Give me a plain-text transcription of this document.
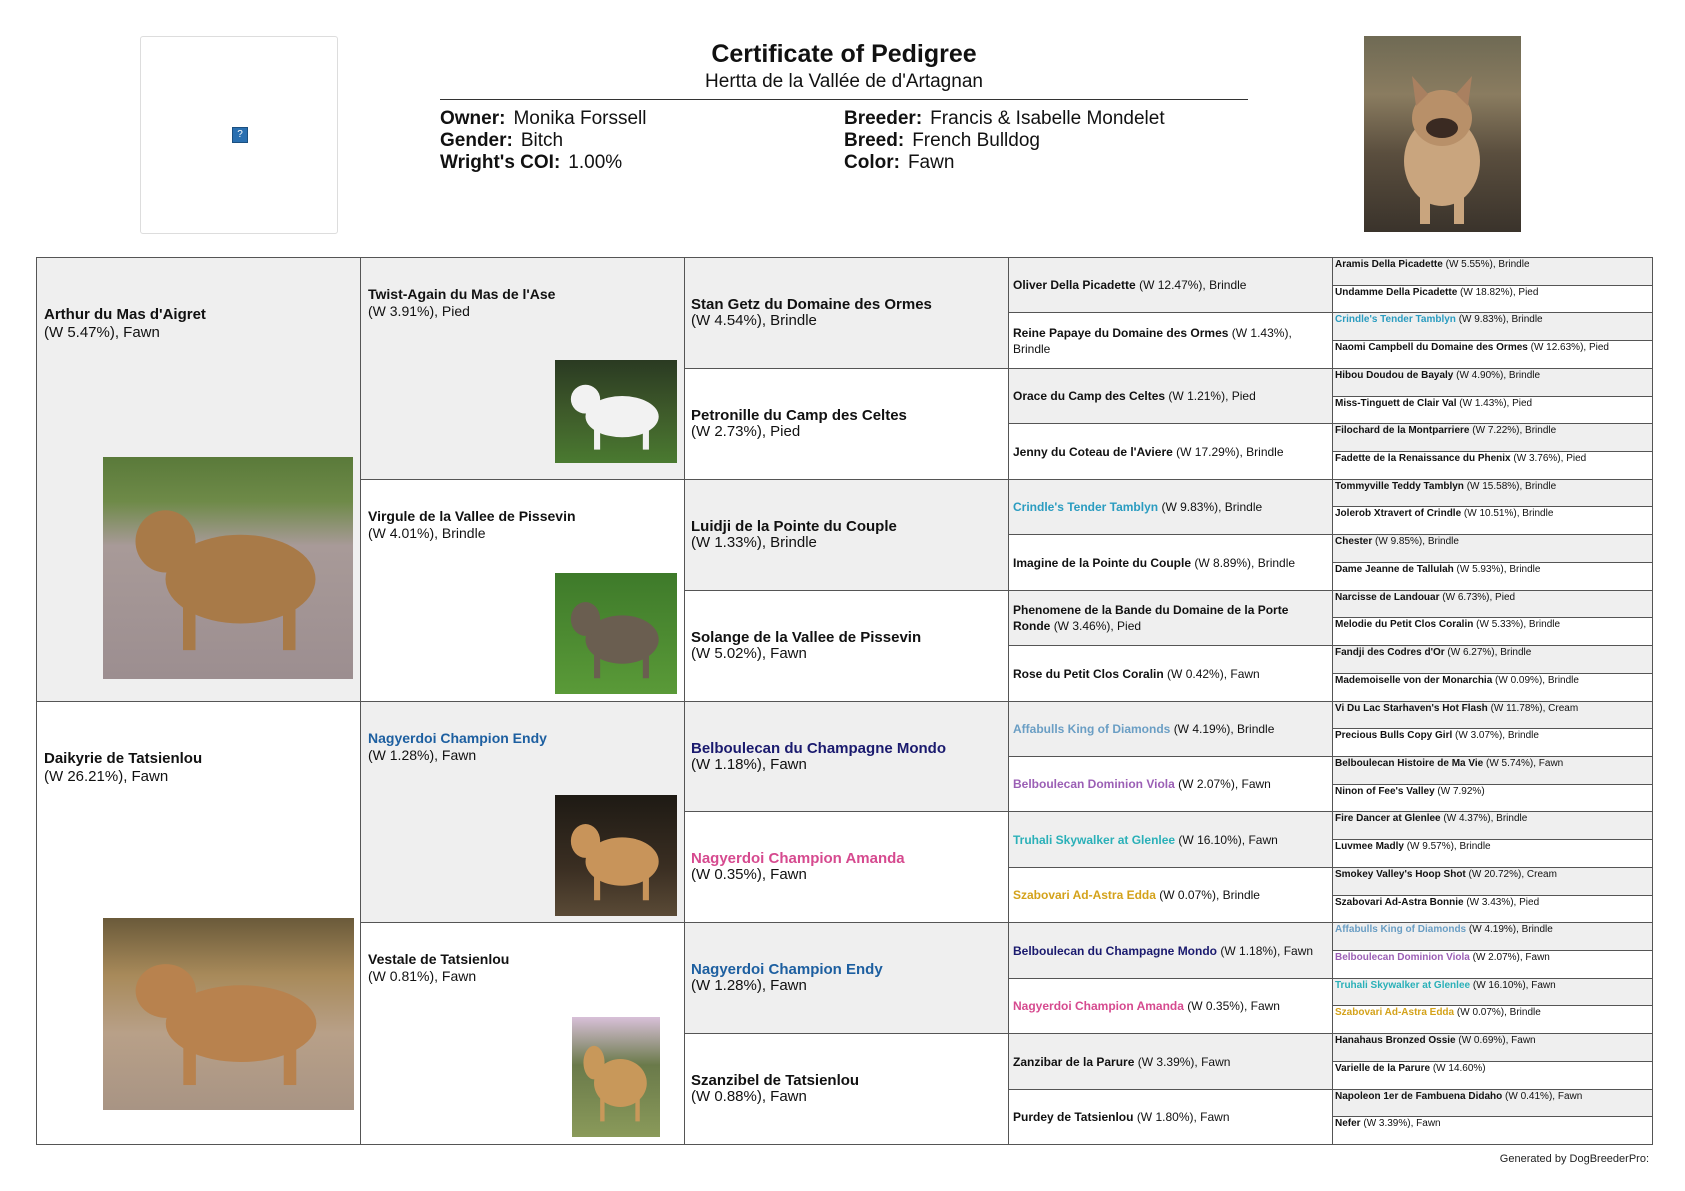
?
Certificate of Pedigree
Hertta de la Vallée de d'Artagnan
Owner: Monika Forssell
Gender: Bitch
Wright's COI: 1.00%
Breeder: Francis & Isabelle Mondelet
Breed: French Bulldog
Color: Fawn
Arthur du Mas d'Aigret
(W 5.47%), Fawn
Daikyrie de Tatsienlou
(W 26.21%), Fawn
Twist-Again du Mas de l'Ase
(W 3.91%), Pied
Virgule de la Vallee de Pissevin
(W 4.01%), Brindle
Nagyerdoi Champion Endy
(W 1.28%), Fawn
Vestale de Tatsienlou
(W 0.81%), Fawn
Stan Getz du Domaine des Ormes
(W 4.54%), Brindle
Petronille du Camp des Celtes
(W 2.73%), Pied
Luidji de la Pointe du Couple
(W 1.33%), Brindle
Solange de la Vallee de Pissevin
(W 5.02%), Fawn
Belboulecan du Champagne Mondo
(W 1.18%), Fawn
Nagyerdoi Champion Amanda
(W 0.35%), Fawn
Nagyerdoi Champion Endy
(W 1.28%), Fawn
Szanzibel de Tatsienlou
(W 0.88%), Fawn
Oliver Della Picadette (W 12.47%), Brindle
Reine Papaye du Domaine des Ormes (W 1.43%), Brindle
Orace du Camp des Celtes (W 1.21%), Pied
Jenny du Coteau de l'Aviere (W 17.29%), Brindle
Crindle's Tender Tamblyn (W 9.83%), Brindle
Imagine de la Pointe du Couple (W 8.89%), Brindle
Phenomene de la Bande du Domaine de la Porte Ronde (W 3.46%), Pied
Rose du Petit Clos Coralin (W 0.42%), Fawn
Affabulls King of Diamonds (W 4.19%), Brindle
Belboulecan Dominion Viola (W 2.07%), Fawn
Truhali Skywalker at Glenlee (W 16.10%), Fawn
Szabovari Ad-Astra Edda (W 0.07%), Brindle
Belboulecan du Champagne Mondo (W 1.18%), Fawn
Nagyerdoi Champion Amanda (W 0.35%), Fawn
Zanzibar de la Parure (W 3.39%), Fawn
Purdey de Tatsienlou (W 1.80%), Fawn
Aramis Della Picadette (W 5.55%), Brindle
Undamme Della Picadette (W 18.82%), Pied
Crindle's Tender Tamblyn (W 9.83%), Brindle
Naomi Campbell du Domaine des Ormes (W 12.63%), Pied
Hibou Doudou de Bayaly (W 4.90%), Brindle
Miss-Tinguett de Clair Val (W 1.43%), Pied
Filochard de la Montparriere (W 7.22%), Brindle
Fadette de la Renaissance du Phenix (W 3.76%), Pied
Tommyville Teddy Tamblyn (W 15.58%), Brindle
Jolerob Xtravert of Crindle (W 10.51%), Brindle
Chester (W 9.85%), Brindle
Dame Jeanne de Tallulah (W 5.93%), Brindle
Narcisse de Landouar (W 6.73%), Pied
Melodie du Petit Clos Coralin (W 5.33%), Brindle
Fandji des Codres d'Or (W 6.27%), Brindle
Mademoiselle von der Monarchia (W 0.09%), Brindle
Vi Du Lac Starhaven's Hot Flash (W 11.78%), Cream
Precious Bulls Copy Girl (W 3.07%), Brindle
Belboulecan Histoire de Ma Vie (W 5.74%), Fawn
Ninon of Fee's Valley (W 7.92%)
Fire Dancer at Glenlee (W 4.37%), Brindle
Luvmee Madly (W 9.57%), Brindle
Smokey Valley's Hoop Shot (W 20.72%), Cream
Szabovari Ad-Astra Bonnie (W 3.43%), Pied
Affabulls King of Diamonds (W 4.19%), Brindle
Belboulecan Dominion Viola (W 2.07%), Fawn
Truhali Skywalker at Glenlee (W 16.10%), Fawn
Szabovari Ad-Astra Edda (W 0.07%), Brindle
Hanahaus Bronzed Ossie (W 0.69%), Fawn
Varielle de la Parure (W 14.60%)
Napoleon 1er de Fambuena Didaho (W 0.41%), Fawn
Nefer (W 3.39%), Fawn
Generated by DogBreederPro:
